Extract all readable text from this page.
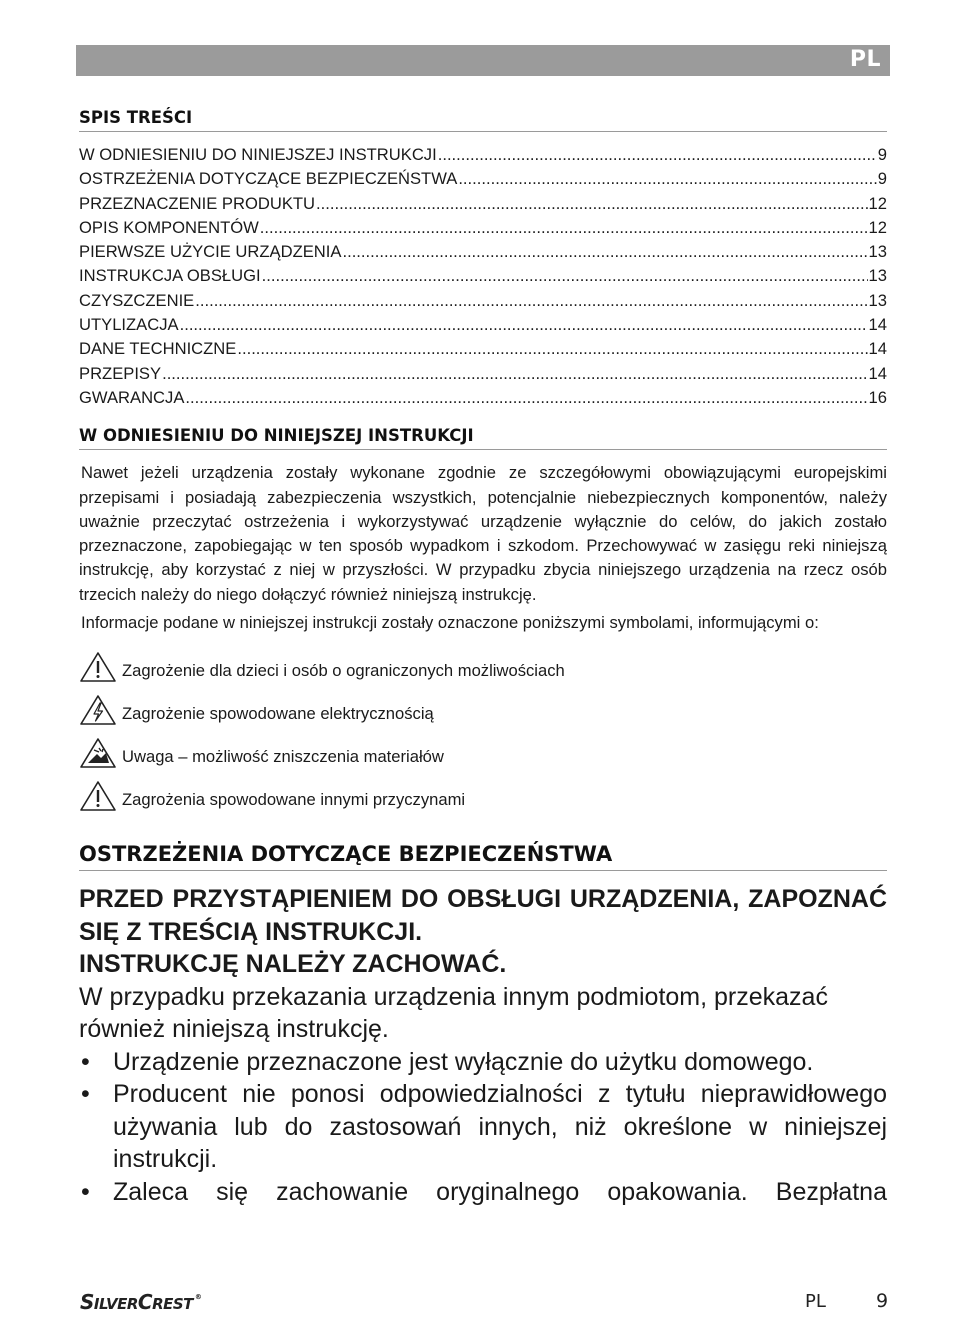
PL
SPIS TREŚCI
W ODNIESIENIU DO NINIEJSZEJ INSTRUKCJI .....	9
OSTRZEŻENIA DOTYCZĄCE BEZPIECZEŃSTWA .....	9
PRZEZNACZENIE PRODUKTU .....	12
OPIS KOMPONENTÓW .....	12
PIERWSZE UŻYCIE URZĄDZENIA .....	13
INSTRUKCJA OBSŁUGI .....	13
CZYSZCZENIE .....	13
UTYLIZACJA .....	14
DANE TECHNICZNE .....	14
PRZEPISY .....	14
GWARANCJA .....	16
W ODNIESIENIU DO NINIEJSZEJ INSTRUKCJI
Nawet jeżeli urządzenia zostały wykonane zgodnie ze szczegółowymi obowiązującymi europejskimi przepisami i posiadają zabezpieczenia wszystkich, potencjalnie niebezpiecznych komponentów, należy uważnie przeczytać ostrzeżenia i wykorzystywać urządzenie wyłącznie do celów, do jakich zostało przeznaczone, zapobiegając w ten sposób wypadkom i szkodom. Przechowywać w zasięgu reki niniejszą instrukcję, aby korzystać z niej w przyszłości. W przypadku zbycia niniejszego urządzenia na rzecz osób trzecich należy do niego dołączyć również niniejszą instrukcję.
Informacje podane w niniejszej instrukcji zostały oznaczone poniższymi symbolami, informującymi o:
Zagrożenie dla dzieci i osób o ograniczonych możliwościach
Zagrożenie spowodowane elektrycznością
Uwaga – możliwość zniszczenia materiałów
Zagrożenia spowodowane innymi przyczynami
OSTRZEŻENIA DOTYCZĄCE BEZPIECZEŃSTWA
PRZED PRZYSTĄPIENIEM DO OBSŁUGI URZĄDZENIA, ZAPOZNAĆ SIĘ Z TREŚCIĄ INSTRUKCJI.
INSTRUKCJĘ NALEŻY ZACHOWAĆ.
W przypadku przekazania urządzenia innym podmiotom, przekazać również niniejszą instrukcję.
• Urządzenie przeznaczone jest wyłącznie do użytku domowego.
• Producent nie ponosi odpowiedzialności z tytułu nieprawidłowego używania lub do zastosowań innych, niż określone w niniejszej instrukcji.
• Zaleca się zachowanie oryginalnego opakowania. Bezpłatna
SILVERCREST ®	PL	9
